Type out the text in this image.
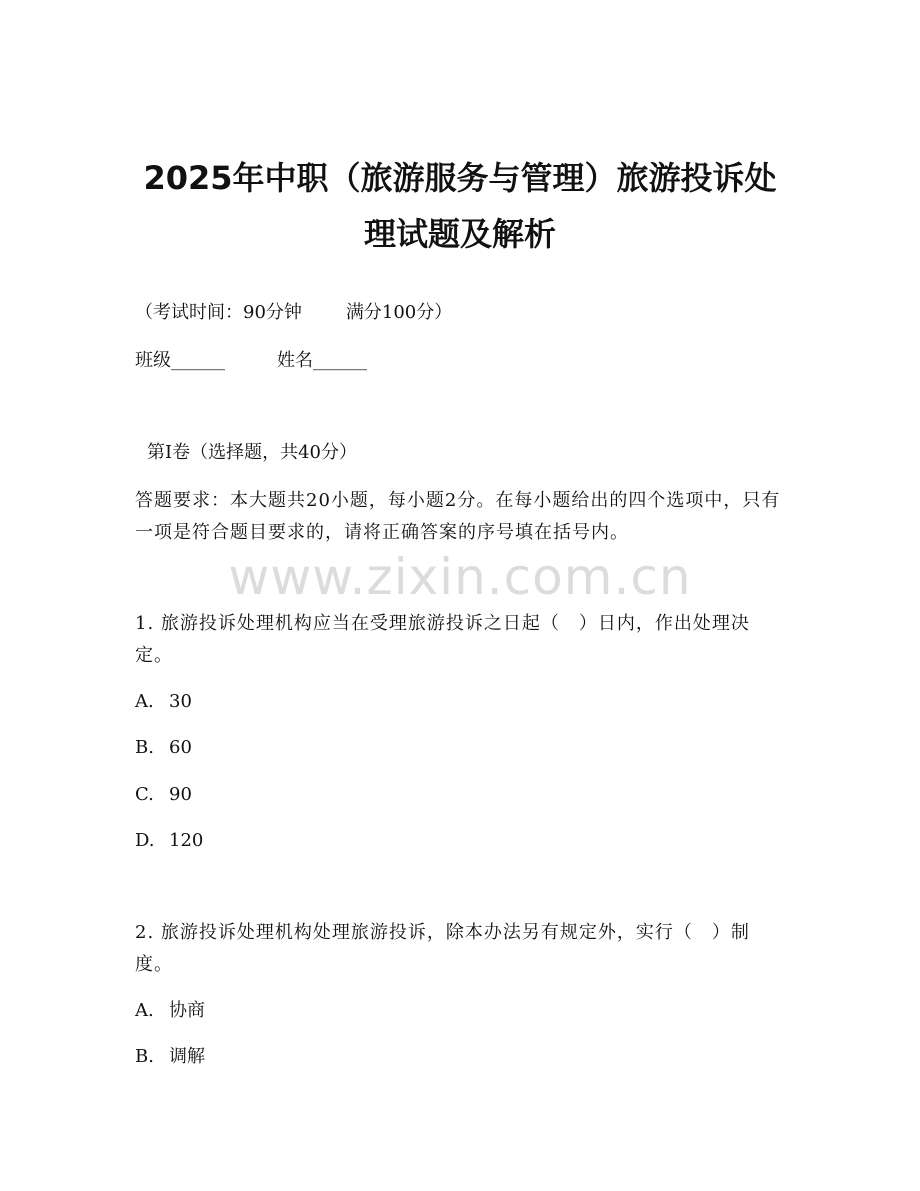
2025年中职（旅游服务与管理）旅游投诉处
理试题及解析
（考试时间：90分钟 满分100分）
班级______	姓名______
第I卷（选择题，共40分）
答题要求：本大题共20小题，每小题2分。在每小题给出的四个选项中，只有一项是符合题目要求的，请将正确答案的序号填在括号内。
www.zixin.com.cn
1. 旅游投诉处理机构应当在受理旅游投诉之日起（　）日内，作出处理决定。
A. 30
B. 60
C. 90
D. 120
2. 旅游投诉处理机构处理旅游投诉，除本办法另有规定外，实行（　）制度。
A. 协商
B. 调解
